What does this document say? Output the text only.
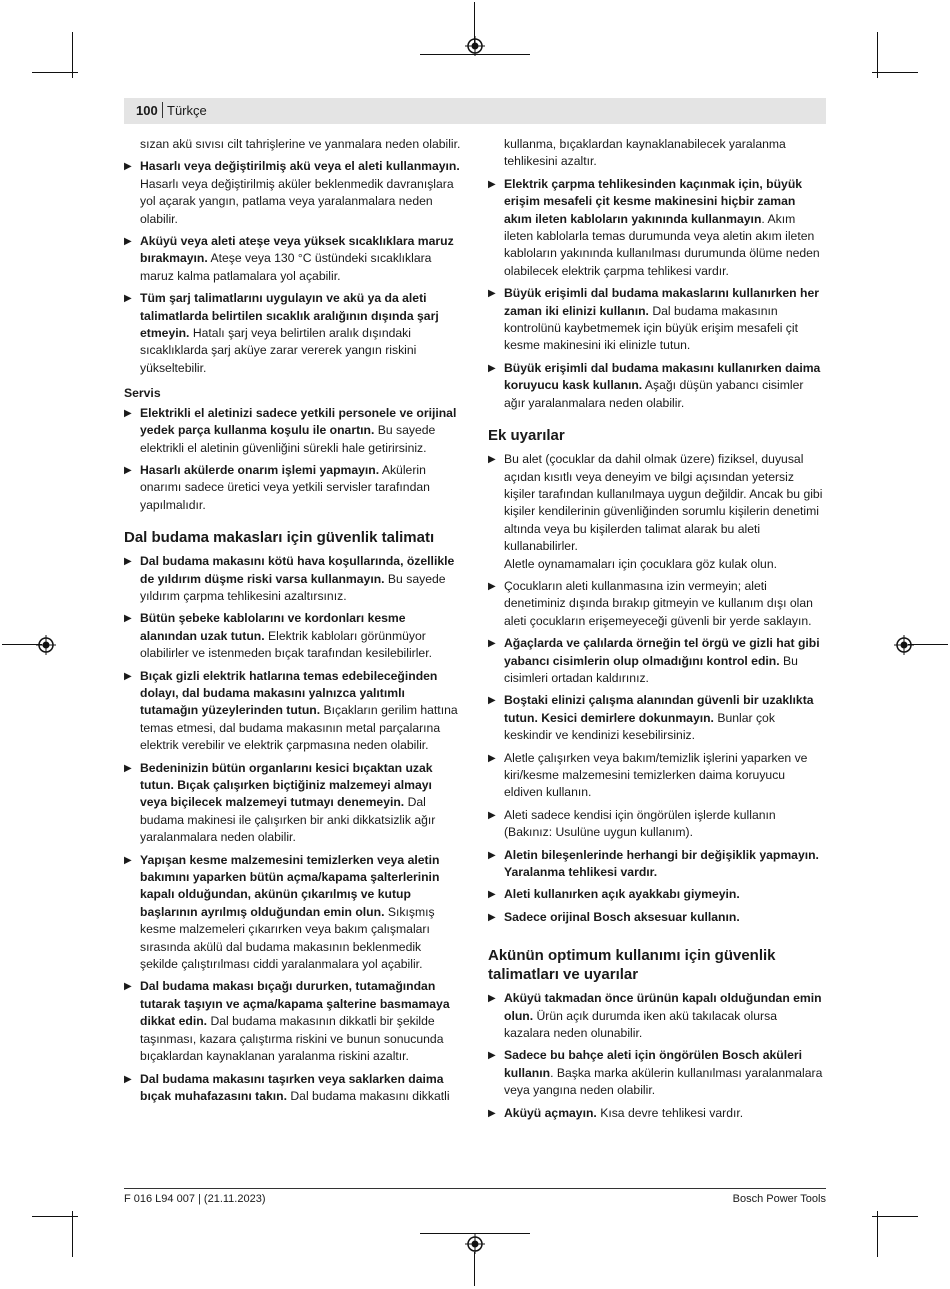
100 Türkçe

sızan akü sıvısı cilt tahrişlerine ve yanmalara neden olabilir.

▶ Hasarlı veya değiştirilmiş akü veya el aleti kullanmayın. Hasarlı veya değiştirilmiş aküler beklenmedik davranışlara yol açarak yangın, patlama veya yaralanmalara neden olabilir.
▶ Aküyü veya aleti ateşe veya yüksek sıcaklıklara maruz bırakmayın. Ateşe veya 130 °C üstündeki sıcaklıklara maruz kalma patlamalara yol açabilir.
▶ Tüm şarj talimatlarını uygulayın ve akü ya da aleti talimatlarda belirtilen sıcaklık aralığının dışında şarj etmeyin. Hatalı şarj veya belirtilen aralık dışındaki sıcaklıklarda şarj aküye zarar vererek yangın riskini yükseltebilir.
Servis
▶ Elektrikli el aletinizi sadece yetkili personele ve orijinal yedek parça kullanma koşulu ile onartın. Bu sayede elektrikli el aletinin güvenliğini sürekli hale getirirsiniz.
▶ Hasarlı akülerde onarım işlemi yapmayın. Akülerin onarımı sadece üretici veya yetkili servisler tarafından yapılmalıdır.
Dal budama makasları için güvenlik talimatı
▶ Dal budama makasını kötü hava koşullarında, özellikle de yıldırım düşme riski varsa kullanmayın. Bu sayede yıldırım çarpma tehlikesini azaltırsınız.
▶ Bütün şebeke kablolarını ve kordonları kesme alanından uzak tutun. Elektrik kabloları görünmüyor olabilirler ve istenmeden bıçak tarafından kesilebilirler.
▶ Bıçak gizli elektrik hatlarına temas edebileceğinden dolayı, dal budama makasını yalnızca yalıtımlı tutamağın yüzeylerinden tutun. Bıçakların gerilim hattına temas etmesi, dal budama makasının metal parçalarına elektrik verebilir ve elektrik çarpmasına neden olabilir.
▶ Bedeninizin bütün organlarını kesici bıçaktan uzak tutun. Bıçak çalışırken biçtiğiniz malzemeyi almayı veya biçilecek malzemeyi tutmayı denemeyin. Dal budama makinesi ile çalışırken bir anki dikkatsizlik ağır yaralanmalara neden olabilir.
▶ Yapışan kesme malzemesini temizlerken veya aletin bakımını yaparken bütün açma/kapama şalterlerinin kapalı olduğundan, akünün çıkarılmış ve kutup başlarının ayrılmış olduğundan emin olun. Sıkışmış kesme malzemeleri çıkarırken veya bakım çalışmaları sırasında akülü dal budama makasının beklenmedik şekilde çalıştırılması ciddi yaralanmalara yol açabilir.
▶ Dal budama makası bıçağı dururken, tutamağından tutarak taşıyın ve açma/kapama şalterine basmamaya dikkat edin. Dal budama makasının dikkatli bir şekilde taşınması, kazara çalıştırma riskini ve bunun sonucunda bıçaklardan kaynaklanan yaralanma riskini azaltır.
▶ Dal budama makasını taşırken veya saklarken daima bıçak muhafazasını takın. Dal budama makasını dikkatli

kullanma, bıçaklardan kaynaklanabilecek yaralanma tehlikesini azaltır.

▶ Elektrik çarpma tehlikesinden kaçınmak için, büyük erişim mesafeli çit kesme makinesini hiçbir zaman akım ileten kabloların yakınında kullanmayın. Akım ileten kablolarla temas durumunda veya aletin akım ileten kabloların yakınında kullanılması durumunda ölüme neden olabilecek elektrik çarpma tehlikesi vardır.
▶ Büyük erişimli dal budama makaslarını kullanırken her zaman iki elinizi kullanın. Dal budama makasının kontrolünü kaybetmemek için büyük erişim mesafeli çit kesme makinesini iki elinizle tutun.
▶ Büyük erişimli dal budama makasını kullanırken daima koruyucu kask kullanın. Aşağı düşün yabancı cisimler ağır yaralanmalara neden olabilir.
Ek uyarılar
▶ Bu alet (çocuklar da dahil olmak üzere) fiziksel, duyusal açıdan kısıtlı veya deneyim ve bilgi açısından yetersiz kişiler tarafından kullanılmaya uygun değildir. Ancak bu gibi kişiler kendilerinin güvenliğinden sorumlu kişilerin denetimi altında veya bu kişilerden talimat alarak bu aleti kullanabilirler.
Aletle oynamamaları için çocuklara göz kulak olun.
▶ Çocukların aleti kullanmasına izin vermeyin; aleti denetiminiz dışında bırakıp gitmeyin ve kullanım dışı olan aleti çocukların erişemeyeceği güvenli bir yerde saklayın.
▶ Ağaçlarda ve çalılarda örneğin tel örgü ve gizli hat gibi yabancı cisimlerin olup olmadığını kontrol edin. Bu cisimleri ortadan kaldırınız.
▶ Boştaki elinizi çalışma alanından güvenli bir uzaklıkta tutun. Kesici demirlere dokunmayın. Bunlar çok keskindir ve kendinizi kesebilirsiniz.
▶ Aletle çalışırken veya bakım/temizlik işlerini yaparken ve kiri/kesme malzemesini temizlerken daima koruyucu eldiven kullanın.
▶ Aleti sadece kendisi için öngörülen işlerde kullanın (Bakınız: Usulüne uygun kullanım).
▶ Aletin bileşenlerinde herhangi bir değişiklik yapmayın. Yaralanma tehlikesi vardır.
▶ Aleti kullanırken açık ayakkabı giymeyin.
▶ Sadece orijinal Bosch aksesuar kullanın.
Akünün optimum kullanımı için güvenlik talimatları ve uyarılar
▶ Aküyü takmadan önce ürünün kapalı olduğundan emin olun. Ürün açık durumda iken akü takılacak olursa kazalara neden olunabilir.
▶ Sadece bu bahçe aleti için öngörülen Bosch aküleri kullanın. Başka marka akülerin kullanılması yaralanmalara veya yangına neden olabilir.
▶ Aküyü açmayın. Kısa devre tehlikesi vardır.
F 016 L94 007 | (21.11.2023)	Bosch Power Tools
